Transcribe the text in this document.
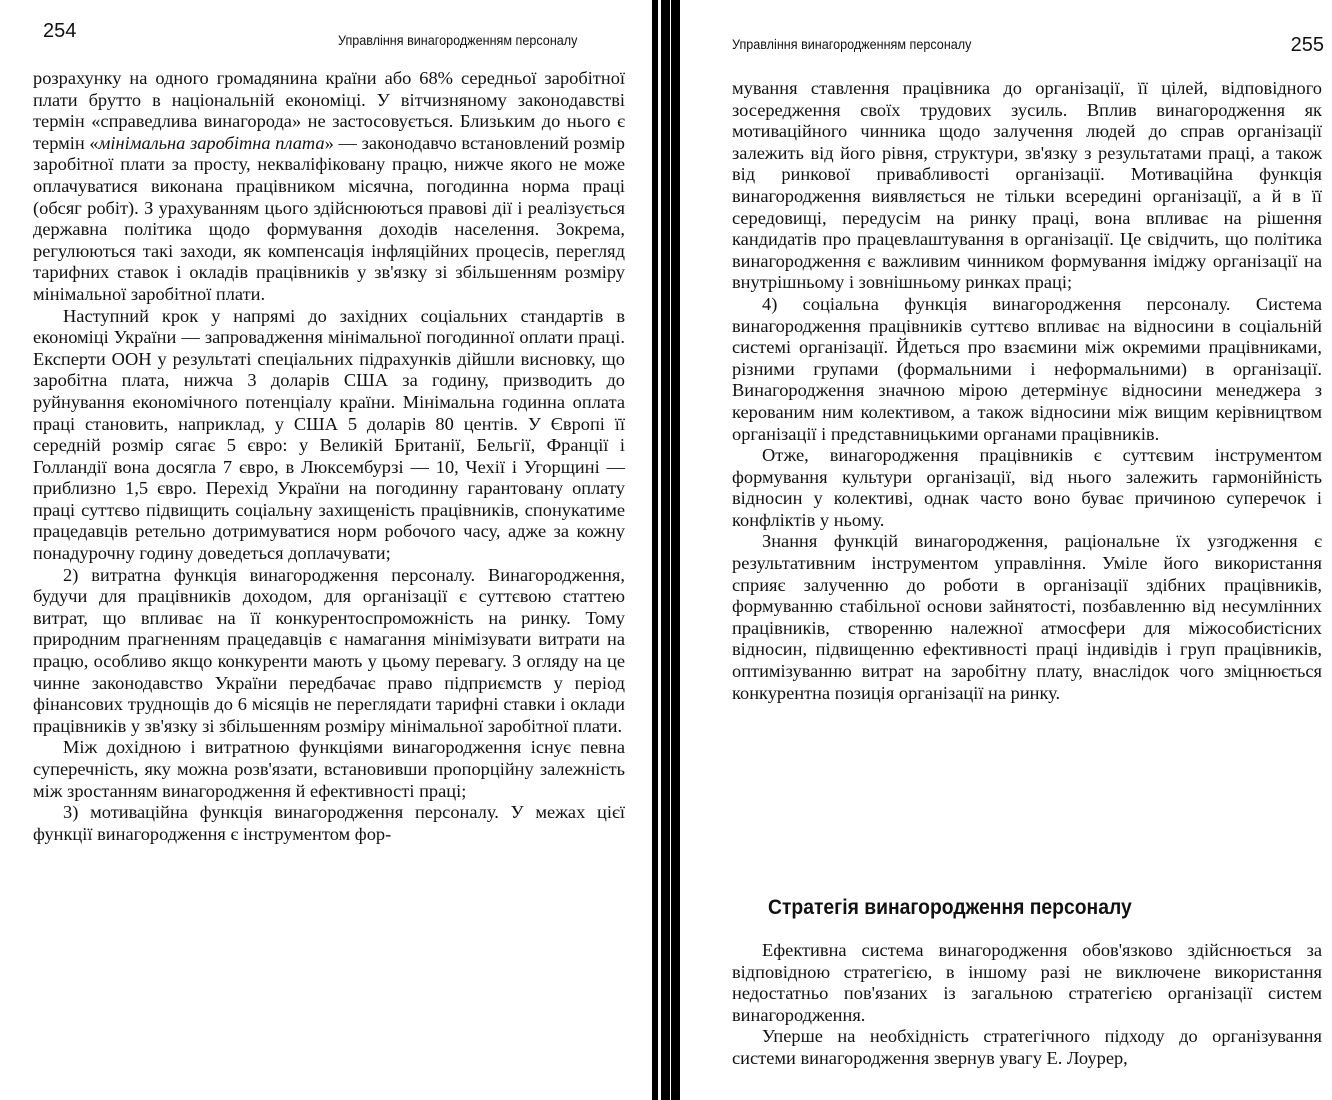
254	Управління винагородженням персоналу

розрахунку на одного громадянина країни або 68% середньої заробітної плати брутто в національній економіці. У вітчизняному законодавстві термін «справедлива винагорода» не застосовується. Близьким до нього є термін «мінімальна заробітна плата» — законодавчо встановлений розмір заробітної плати за просту, некваліфіковану працю, нижче якого не може оплачуватися виконана працівником місячна, погодинна норма праці (обсяг робіт). З урахуванням цього здійснюються правові дії і реалізується державна політика щодо формування доходів населення. Зокрема, регулюються такі заходи, як компенсація інфляційних процесів, перегляд тарифних ставок і окладів працівників у зв'язку зі збільшенням розміру мінімальної заробітної плати.

Наступний крок у напрямі до західних соціальних стандартів в економіці України — запровадження мінімальної погодинної оплати праці. Експерти ООН у результаті спеціальних підрахунків дійшли висновку, що заробітна плата, нижча 3 доларів США за годину, призводить до руйнування економічного потенціалу країни. Мінімальна годинна оплата праці становить, наприклад, у США 5 доларів 80 центів. У Європі її середній розмір сягає 5 євро: у Великій Британії, Бельгії, Франції і Голландії вона досягла 7 євро, в Люксембурзі — 10, Чехії і Угорщині — приблизно 1,5 євро. Перехід України на погодинну гарантовану оплату праці суттєво підвищить соціальну захищеність працівників, спонукатиме працедавців ретельно дотримуватися норм робочого часу, адже за кожну понадурочну годину доведеться доплачувати;

2) витратна функція винагородження персоналу. Винагородження, будучи для працівників доходом, для організації є суттєвою статтею витрат, що впливає на її конкурентоспроможність на ринку. Тому природним прагненням працедавців є намагання мінімізувати витрати на працю, особливо якщо конкуренти мають у цьому перевагу. З огляду на це чинне законодавство України передбачає право підприємств у період фінансових труднощів до 6 місяців не переглядати тарифні ставки і оклади працівників у зв'язку зі збільшенням розміру мінімальної заробітної плати.

Між дохідною і витратною функціями винагородження існує певна суперечність, яку можна розв'язати, встановивши пропорційну залежність між зростанням винагородження й ефективності праці;

3) мотиваційна функція винагородження персоналу. У межах цієї функції винагородження є інструментом фор-

Управління винагородженням персоналу	255

мування ставлення працівника до організації, її цілей, відповідного зосередження своїх трудових зусиль. Вплив винагородження як мотиваційного чинника щодо залучення людей до справ організації залежить від його рівня, структури, зв'язку з результатами праці, а також від ринкової привабливості організації. Мотиваційна функція винагородження виявляється не тільки всередині організації, а й в її середовищі, передусім на ринку праці, вона впливає на рішення кандидатів про працевлаштування в організації. Це свідчить, що політика винагородження є важливим чинником формування іміджу організації на внутрішньому і зовнішньому ринках праці;

4) соціальна функція винагородження персоналу. Система винагородження працівників суттєво впливає на відносини в соціальній системі організації. Йдеться про взаємини між окремими працівниками, різними групами (формальними і неформальними) в організації. Винагородження значною мірою детермінує відносини менеджера з керованим ним колективом, а також відносини між вищим керівництвом організації і представницькими органами працівників.

Отже, винагородження працівників є суттєвим інструментом формування культури організації, від нього залежить гармонійність відносин у колективі, однак часто воно буває причиною суперечок і конфліктів у ньому.

Знання функцій винагородження, раціональне їх узгодження є результативним інструментом управління. Уміле його використання сприяє залученню до роботи в організації здібних працівників, формуванню стабільної основи зайнятості, позбавленню від несумлінних працівників, створенню належної атмосфери для міжособистісних відносин, підвищенню ефективності праці індивідів і груп працівників, оптимізуванню витрат на заробітну плату, внаслідок чого зміцнюється конкурентна позиція організації на ринку.

Стратегія винагородження персоналу

Ефективна система винагородження обов'язково здійснюється за відповідною стратегією, в іншому разі не виключене використання недостатньо пов'язаних із загальною стратегією організації систем винагородження.

Уперше на необхідність стратегічного підходу до організування системи винагородження звернув увагу Е. Лоурер,
